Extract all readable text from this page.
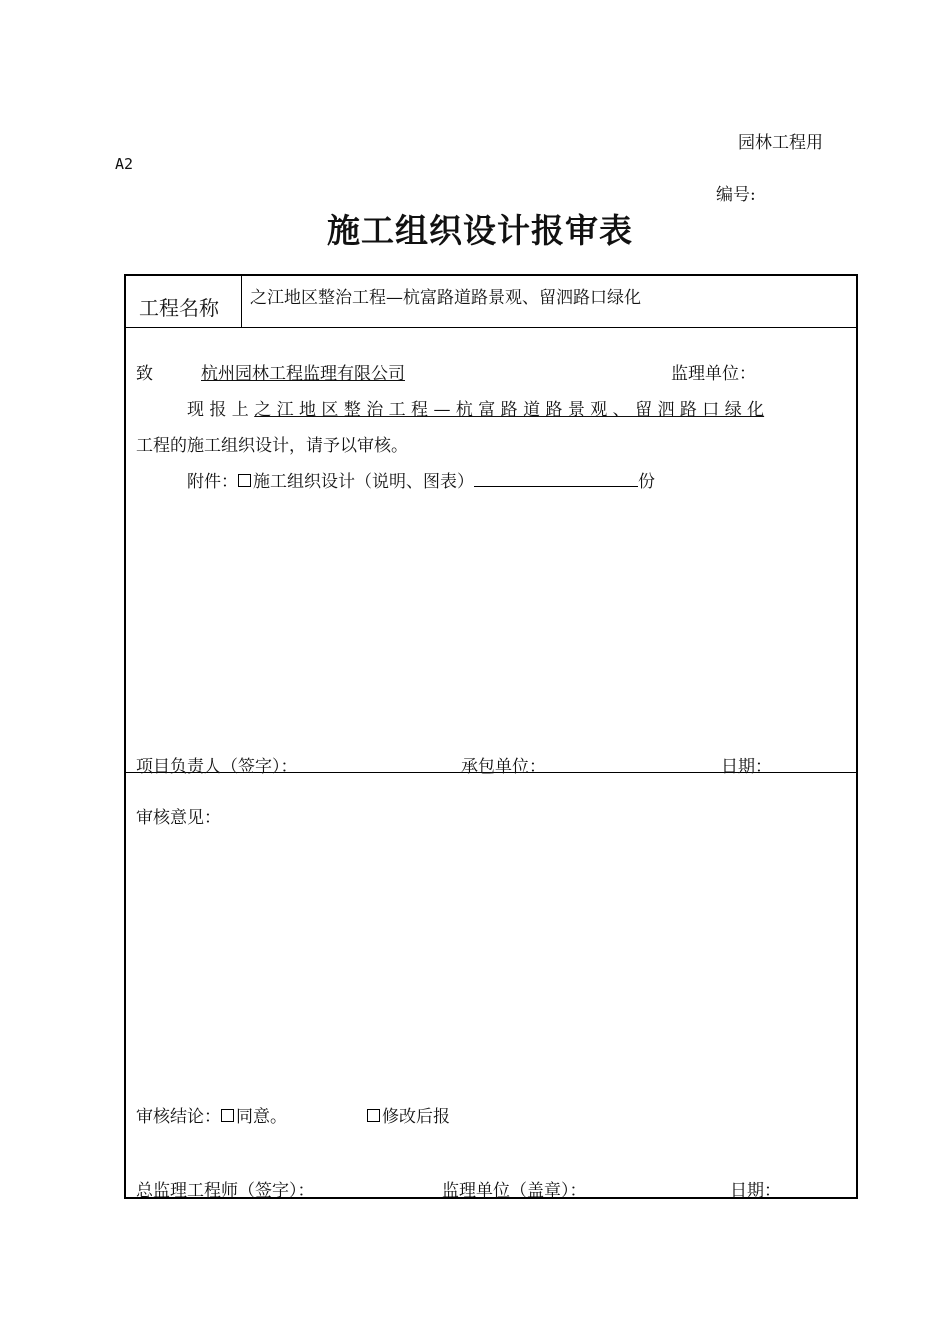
园林工程用
A2
编号:
施工组织设计报审表
工程名称 之江地区整治工程—杭富路道路景观、留泗路口绿化
致	杭州园林工程监理有限公司	监理单位：
现 报 上 之 江 地 区 整 治 工 程 — 杭 富 路 道 路 景 观 、 留 泗 路 口 绿 化
工程的施工组织设计，请予以审核。
附件： 施工组织设计（说明、图表）	份
项目负责人（签字）：	承包单位：	日期：
审核意见：
审核结论： 同意。	修改后报
总监理工程师（签字）：	监理单位（盖章）：	日期：
